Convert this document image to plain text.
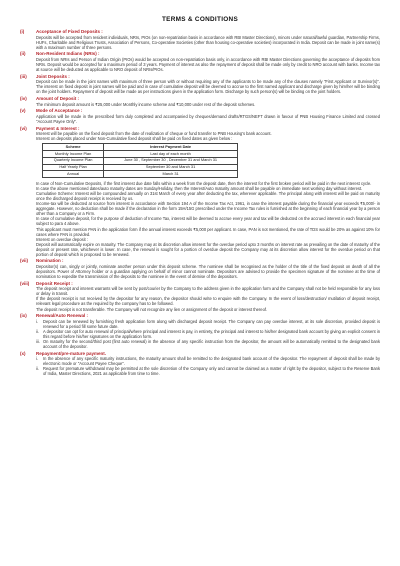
TERMS & CONDITIONS
(i)	Acceptance of Fixed Deposits :

Deposits will be accepted from resident individuals, NRIs, PIOs (on non-repatriation basis in accordance with RBI Master Directions), minors under natural/lawful guardian, Partnership Firms, HUFs, Charitable and Religious Trusts, Association of Persons, Co-operative Societies (other than housing co-operative societies) incorporated in India. Deposit can be made in joint name(s) with a maximum number of three persons.

(ii)	Non-Resident Indians (NRIs) :

Deposit from NRIs and Person of Indian Origin (PIOs) would be accepted on non-repatriation basis only, in accordance with RBI Master Directions governing the acceptance of deposits from NRIs. Deposit would be accepted for a maximum period of 3 years. Payment of interest as also the repayment of deposit shall be made only by credit to NRO account with banks. Income tax at source will be deducted as applicable to NRO deposit of NRIs/PIOs.

(iii)	Joint Deposits :

Deposit can be made in the joint names with maximum of three person with or without requiring any of the applicants to be made any of the clauses namely "First Applicant or Survivor(s)". The interest on fixed deposit in joint names will be paid and in case of cumulative deposit will be deemed to accrue to the first named applicant and discharge given by him/her will be binding on the joint holders. Repayment of deposit will be made as per instructions given in the application form. Discharge by such person(s) will be binding on the joint holders.

(iv)	Amount of Deposit :

The minimum deposit amount is ₹25,000 under Monthly income scheme and ₹10,000 under rest of the deposit schemes.

(v)	Mode of Acceptance :

Application will be made in the prescribed form duly completed and accompanied by cheques/demand drafts/RTGS/NEFT drawn in favour of PNB Housing Finance Limited and crossed "Account Payee Only".

(vi)	Payment & Interest :

Interest will be payable on the fixed deposit from the date of realization of cheque or fund transfer to PNB Housing's bank account.

Interest on deposits placed under Non-Cumulative fixed deposit shall be paid on fixed dates as given below :

Scheme	Interest Payment Date
Monthly Income Plan	Last day of each month
Quarterly Income Plan	June 30 , September 30 , December 31 and March 31
Half Yearly Plan	September 30 and March 31
Annual	March 31

In case of Non-Cumulative Deposits, if the first interest due date falls within a week from the deposit date, then the interest for the first broken period will be paid in the next interest cycle.

In case the above mentioned dates/auto maturity dates are Sunday/Holiday, then the Interest/Auto maturity amount shall be payable on immediate next working day without interest.

Cumulative Scheme: Interest will be compounded annually on 31st March of every year after deducting the tax, wherever applicable. The principal along with interest will be paid on maturity once the discharged deposit receipt is received by us.

Income-tax will be deducted at source from interest in accordance with Section 194 A of the Income Tax Act, 1961, in case the interest payable during the financial year exceeds ₹5,000/- in aggregate. However, no deduction shall be made if the declaration in the form 15H/15G prescribed under the Income Tax rules is furnished at the beginning of each financial year by a person other than a Company or a Firm.

In case of cumulative deposit, for the purpose of deduction of Income Tax, interest will be deemed to accrue every year and tax will be deducted on the accrued interest in each financial year subject to para 4 above.

This applicant must mention PAN in the application form if the annual interest exceeds ₹5,000 per applicant. In case, PAN is not mentioned, the rate of TDS would be 20% as against 10% for cases where PAN is provided.

Interest on overdue deposit :

Deposit will automatically expire on maturity. The Company may at its discretion allow interest for the overdue period upto 3 months on interest rate as prevailing on the date of maturity of the deposit or present rate, whichever is lower. In case, the renewal is sought for a portion of overdue deposit the Company may at its discretion allow interest for the overdue period on that portion of deposit which is proposed to be renewed.

(vii)	Nomination :

Depositor(s) can, singly or jointly, nominate another person under this deposit scheme. The nominee shall be recognised as the holder of the title of the fixed deposit on death of all the depositors. Power of Attorney holder or a guardian applying on behalf of minor cannot nominate. Depositors are advised to provide the specimen signature of the nominee at the time of nomination to expedite the transmission of the deposits to the nominee in the event of demise of the depositors.

(viii)	Deposit Receipt :

The deposit receipt and interest warrants will be sent by post/courier by the Company to the address given in the application form and the Company shall not be held responsible for any loss or delay in transit.

If the deposit receipt is not received by the depositor for any reason, the depositor should write to enquire with the Company. In the event of loss/destruction/ mutilation of deposit receipt, relevant legal procedure as the required by the company has to be followed.

The deposit receipt is not transferable. The Company will not recognize any lien or assignment of the deposit or interest thereof.

(ix)	Renewal/Auto Renewal :
i.	Deposit can be renewed by furnishing fresh application form along with discharged deposit receipt. The Company can pay overdue interest, at its sole discretion, provided deposit is renewed for a period fill some future date.

ii. A depositor can opt for auto renewal of principal/where principal and interest is pay, in entirety, the principal and interest to his/her designated bank account by giving an explicit consent in this regard before his/her signatures on the application form.

iii. On maturity for the second/third post (first auto renewal) in the absence of any specific instruction from the depositor, the amount will be automatically remitted to the designated bank account of the depositor.

(x)	Repayment/pre-mature payment.
i.	In the absence of any specific maturity instructions, the maturity amount shall be remitted to the designated bank account of the depositor. The repayment of deposit shall be made by electronic mode or "Account Payee Cheque".

ii. Request for premature withdrawal may be permitted at the sole discretion of the Company only and cannot be claimed as a matter of right by the depositor, subject to the Reserve Bank of India, Master Directions, 2021 as applicable from time to time.
